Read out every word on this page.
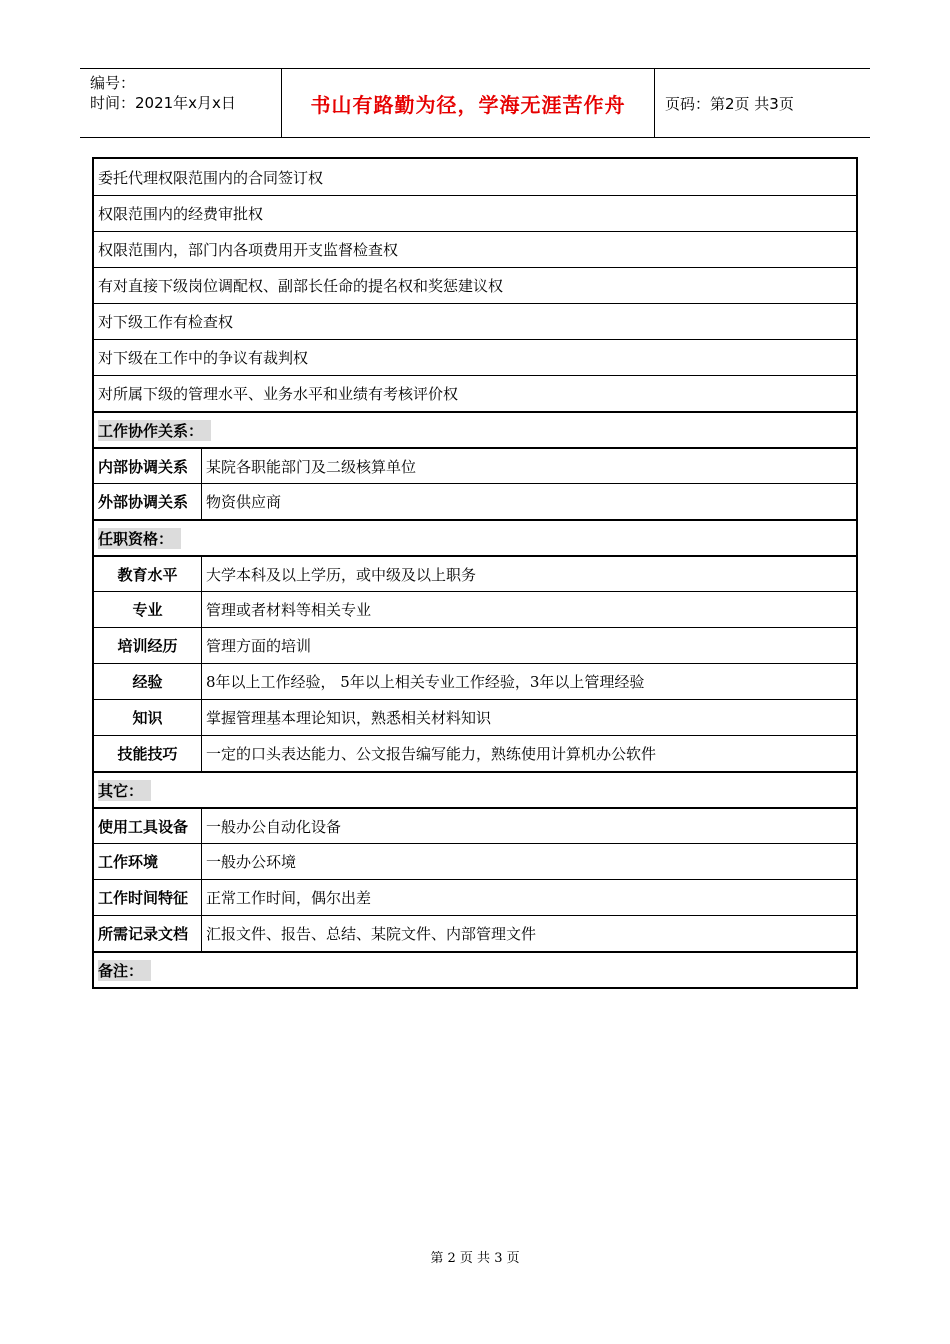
编号：
时间：2021年x月x日	书山有路勤为径，学海无涯苦作舟	页码：第2页 共3页
委托代理权限范围内的合同签订权
权限范围内的经费审批权
权限范围内，部门内各项费用开支监督检查权
有对直接下级岗位调配权、副部长任命的提名权和奖惩建议权
对下级工作有检查权
对下级在工作中的争议有裁判权
对所属下级的管理水平、业务水平和业绩有考核评价权
工作协作关系：
内部协调关系	某院各职能部门及二级核算单位
外部协调关系	物资供应商
任职资格：
教育水平	大学本科及以上学历，或中级及以上职务
专业	管理或者材料等相关专业
培训经历	管理方面的培训
经验	8年以上工作经验， 5年以上相关专业工作经验，3年以上管理经验
知识	掌握管理基本理论知识，熟悉相关材料知识
技能技巧	一定的口头表达能力、公文报告编写能力，熟练使用计算机办公软件
其它：
使用工具设备	一般办公自动化设备
工作环境	一般办公环境
工作时间特征	正常工作时间，偶尔出差
所需记录文档	汇报文件、报告、总结、某院文件、内部管理文件
备注：
第 2 页 共 3 页
